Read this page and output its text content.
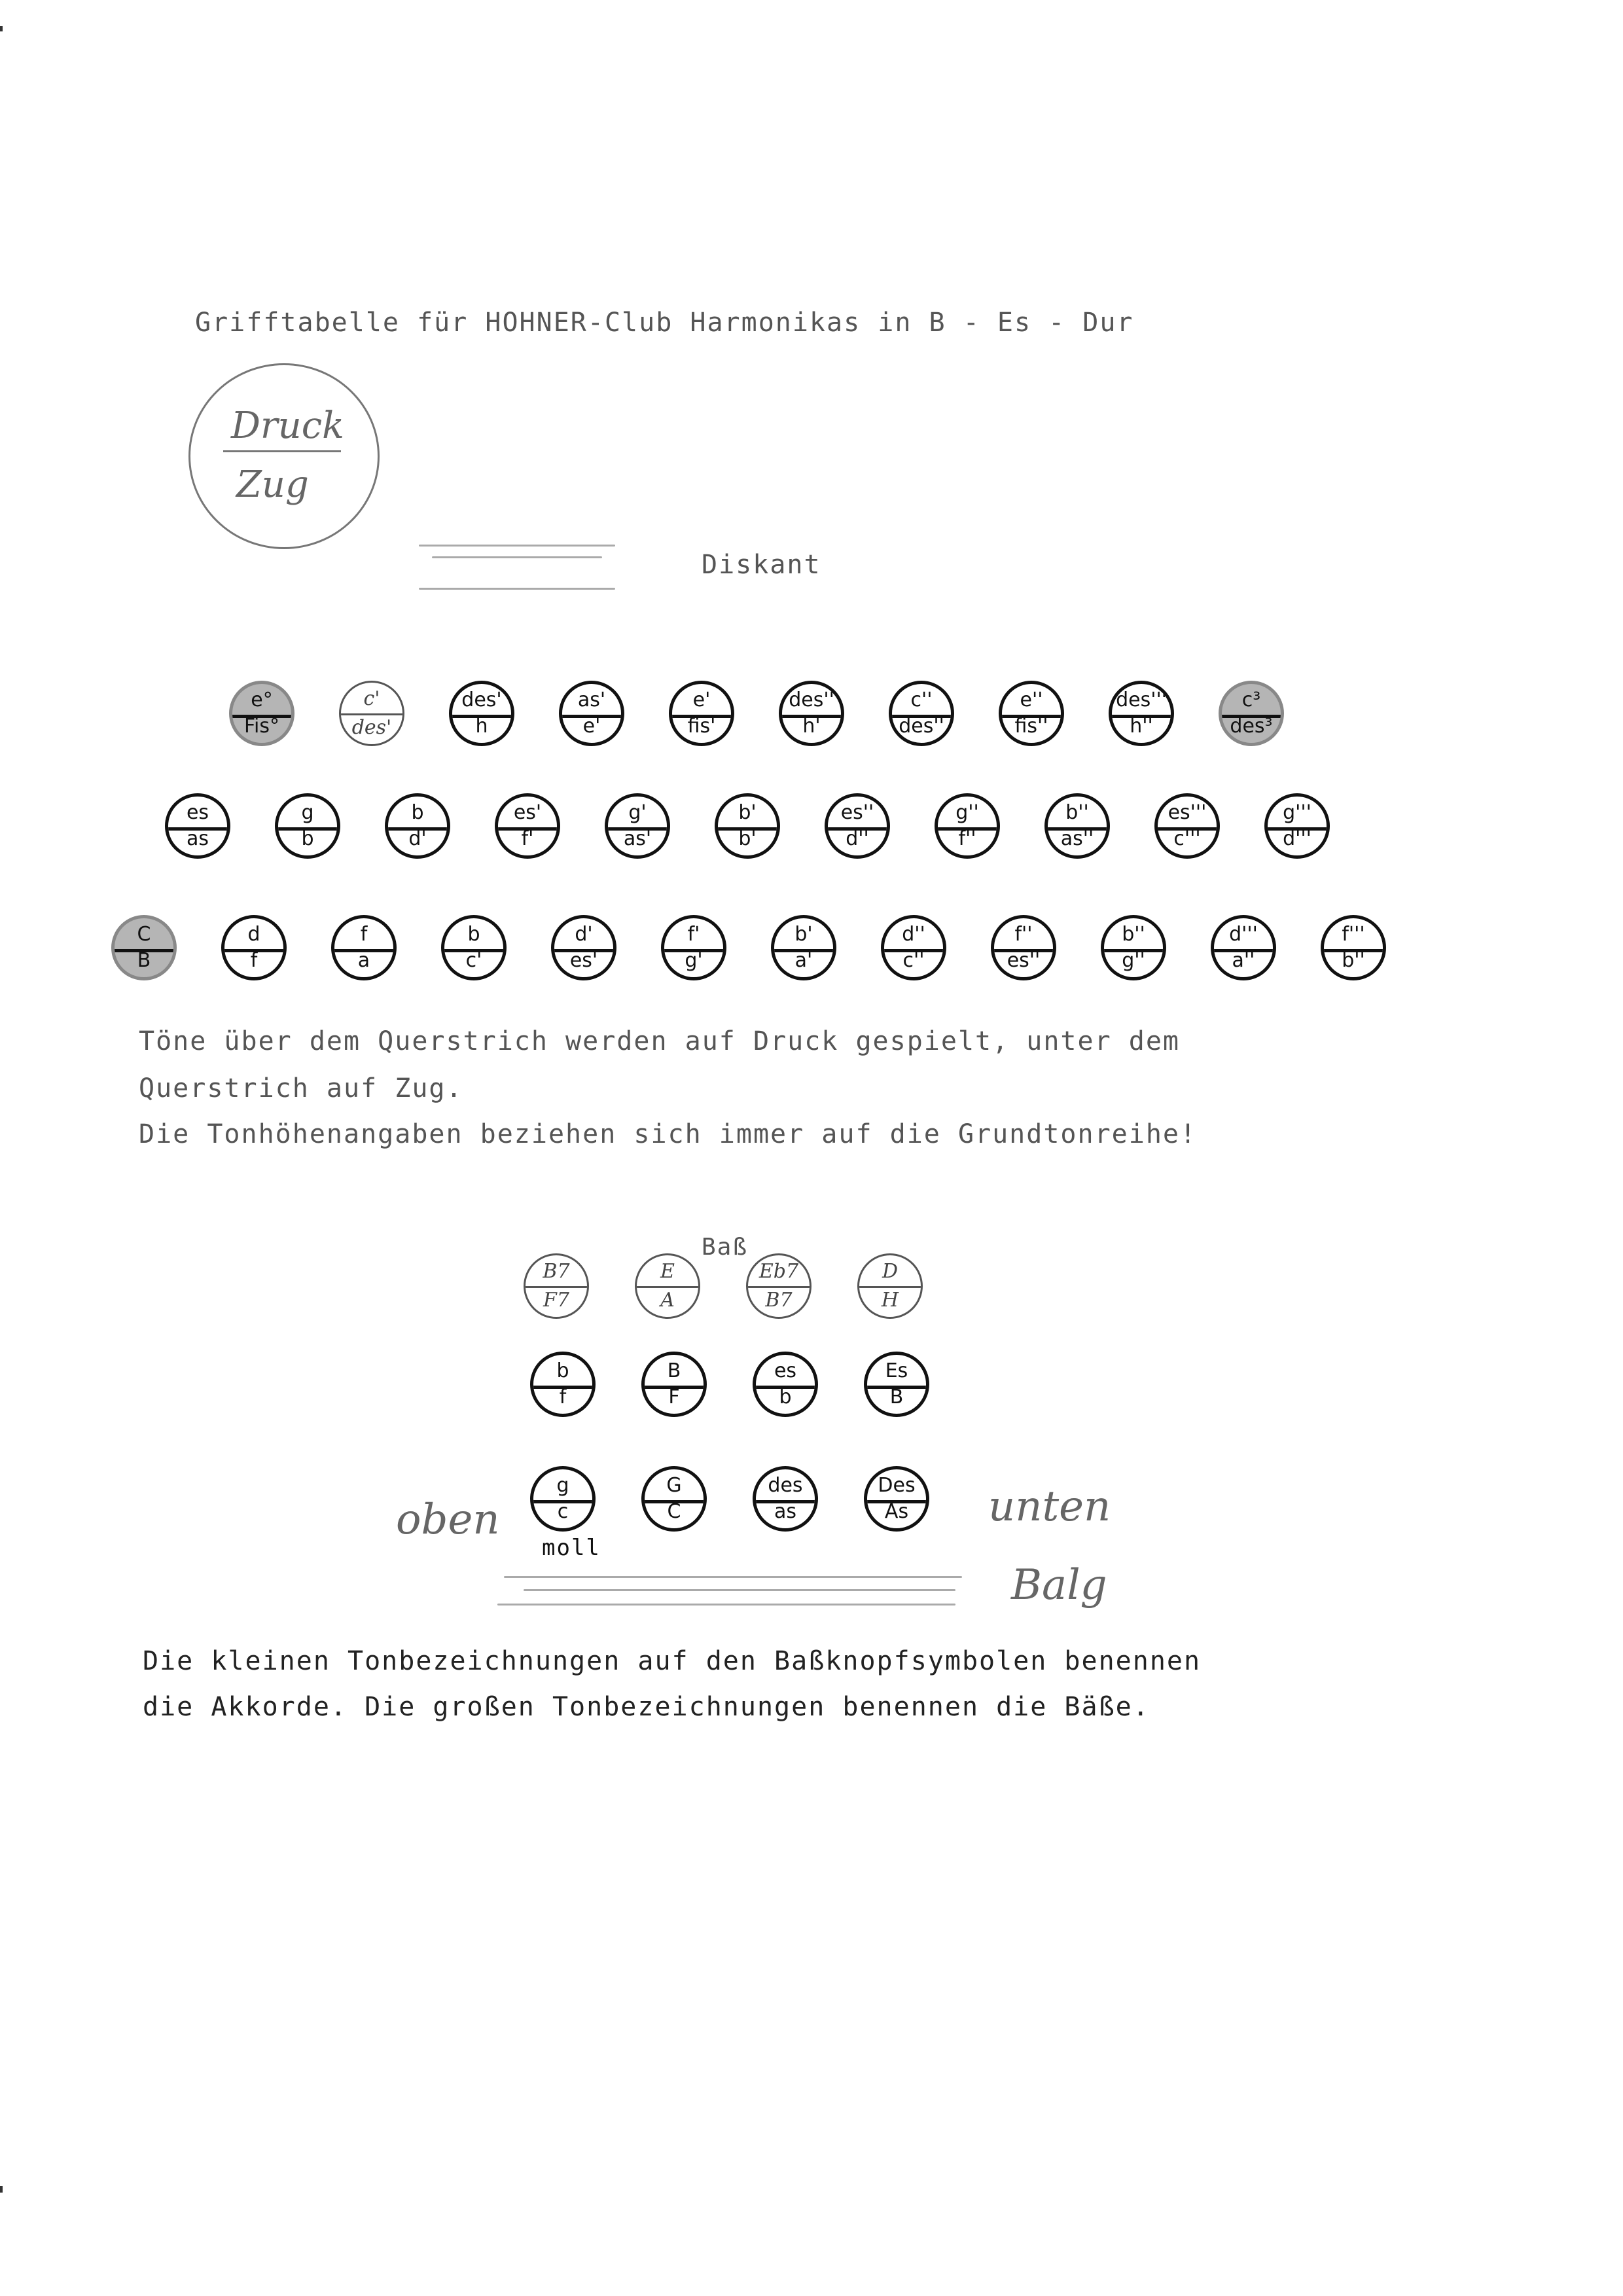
Grifftabelle für HOHNER-Club Harmonikas in B - Es - Dur
Druck
Zug
Diskant
e°
Fis°
c'
des'
des'
h
as'
e'
e'
fis'
des''
h'
c''
des''
e''
fis''
des'''
h''
c³
des³
es
as
g
b
b
d'
es'
f'
g'
as'
b'
b'
es''
d''
g''
f''
b''
as''
es'''
c'''
g'''
d'''
C
B
d
f
f
a
b
c'
d'
es'
f'
g'
b'
a'
d''
c''
f''
es''
b''
g''
d'''
a''
f'''
b''
Töne über dem Querstrich werden auf Druck gespielt, unter dem
Querstrich auf Zug.
Die Tonhöhenangaben beziehen sich immer auf die Grundtonreihe!
Baß
B7
F7
E
A
Eb7
B7
D
H
b
f
B
F
es
b
Es
B
g
c
G
C
des
as
Des
As
oben	unten
moll
Balg
Die kleinen Tonbezeichnungen auf den Baßknopfsymbolen benennen
die Akkorde. Die großen Tonbezeichnungen benennen die Bäße.
